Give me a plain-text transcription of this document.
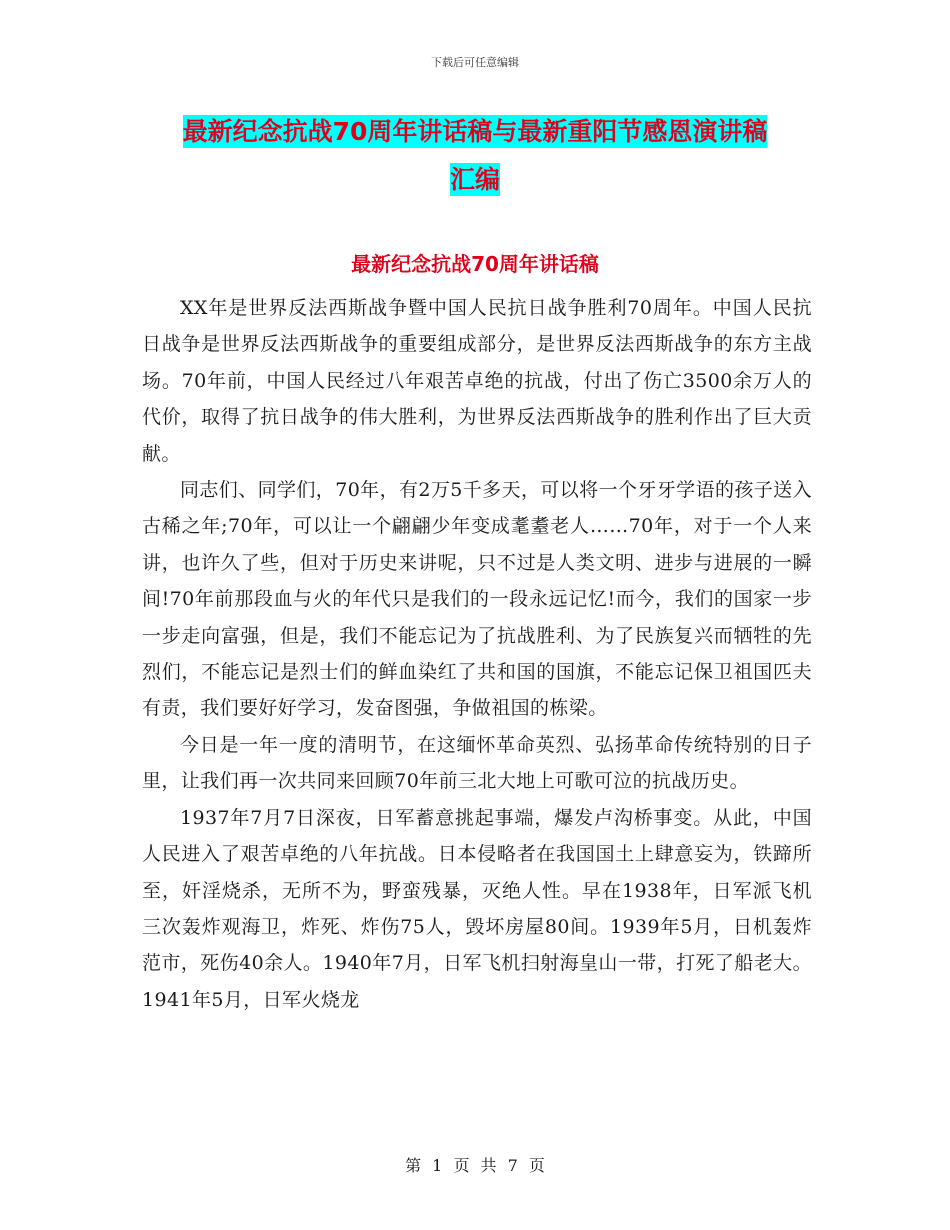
下载后可任意编辑
最新纪念抗战70周年讲话稿与最新重阳节感恩演讲稿
汇编
最新纪念抗战70周年讲话稿

XX年是世界反法西斯战争暨中国人民抗日战争胜利70周年。中国人民抗日战争是世界反法西斯战争的重要组成部分，是世界反法西斯战争的东方主战场。70年前，中国人民经过八年艰苦卓绝的抗战，付出了伤亡3500余万人的代价，取得了抗日战争的伟大胜利，为世界反法西斯战争的胜利作出了巨大贡献。

同志们、同学们，70年，有2万5千多天，可以将一个牙牙学语的孩子送入古稀之年;70年，可以让一个翩翩少年变成耄耋老人……70年，对于一个人来讲，也许久了些，但对于历史来讲呢，只不过是人类文明、进步与进展的一瞬间!70年前那段血与火的年代只是我们的一段永远记忆!而今，我们的国家一步一步走向富强，但是，我们不能忘记为了抗战胜利、为了民族复兴而牺牲的先烈们，不能忘记是烈士们的鲜血染红了共和国的国旗，不能忘记保卫祖国匹夫有责，我们要好好学习，发奋图强，争做祖国的栋梁。

今日是一年一度的清明节，在这缅怀革命英烈、弘扬革命传统特别的日子里，让我们再一次共同来回顾70年前三北大地上可歌可泣的抗战历史。

1937年7月7日深夜，日军蓄意挑起事端，爆发卢沟桥事变。从此，中国人民进入了艰苦卓绝的八年抗战。日本侵略者在我国国土上肆意妄为，铁蹄所至，奸淫烧杀，无所不为，野蛮残暴，灭绝人性。早在1938年，日军派飞机三次轰炸观海卫，炸死、炸伤75人，毁坏房屋80间。1939年5月，日机轰炸范市，死伤40余人。1940年7月，日军飞机扫射海皇山一带，打死了船老大。1941年5月，日军火烧龙

第 1 页 共 7 页
